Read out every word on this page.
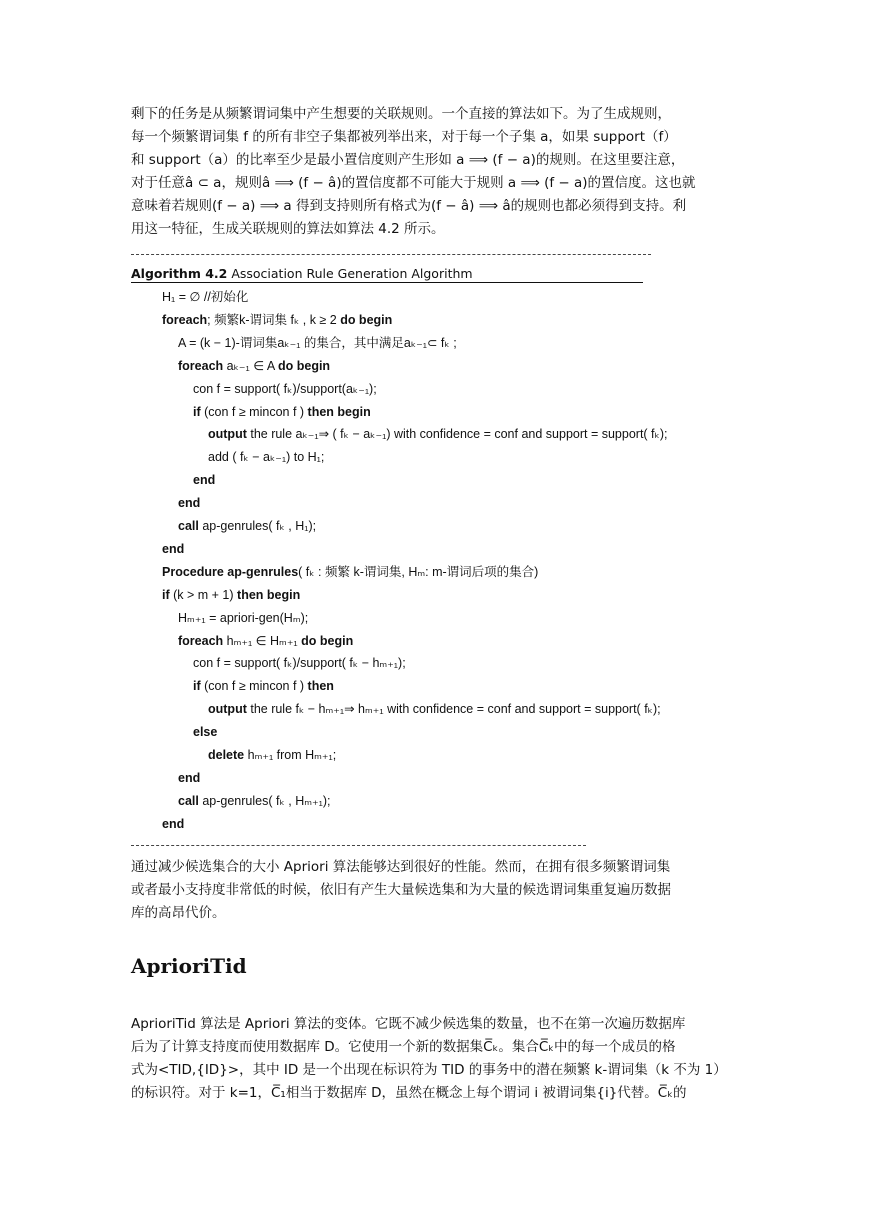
剩下的任务是从频繁谓词集中产生想要的关联规则。一个直接的算法如下。为了生成规则，
每一个频繁谓词集 f 的所有非空子集都被列举出来，对于每一个子集 a，如果 support（f）
和 support（a）的比率至少是最小置信度则产生形如 a ⟹ (f − a)的规则。在这里要注意，
对于任意â ⊂ a，规则â ⟹ (f − â)的置信度都不可能大于规则 a ⟹ (f − a)的置信度。这也就
意味着若规则(f − a) ⟹ a 得到支持则所有格式为(f − â) ⟹ â的规则也都必须得到支持。利
用这一特征，生成关联规则的算法如算法 4.2 所示。
Algorithm 4.2 Association Rule Generation Algorithm
H₁ = ∅ //初始化
foreach; 频繁k-谓词集 fₖ , k ≥ 2 do begin
A = (k − 1)-谓词集aₖ₋₁ 的集合，其中满足aₖ₋₁⊂ fₖ ;
foreach aₖ₋₁ ∈ A do begin
con f = support( fₖ)/support(aₖ₋₁);
if (con f ≥ mincon f ) then begin
output the rule aₖ₋₁⇒ ( fₖ − aₖ₋₁) with confidence = conf and support = support( fₖ);
add ( fₖ − aₖ₋₁) to H₁;
end
end
call ap-genrules( fₖ , H₁);
end
Procedure ap-genrules( fₖ : 频繁 k-谓词集, Hₘ: m-谓词后项的集合)
if (k > m + 1) then begin
Hₘ₊₁ = apriori-gen(Hₘ);
foreach hₘ₊₁ ∈ Hₘ₊₁ do begin
con f = support( fₖ)/support( fₖ − hₘ₊₁);
if (con f ≥ mincon f ) then
output the rule fₖ − hₘ₊₁⇒ hₘ₊₁ with confidence = conf and support = support( fₖ);
else
delete hₘ₊₁ from Hₘ₊₁;
end
call ap-genrules( fₖ , Hₘ₊₁);
end
通过减少候选集合的大小 Apriori 算法能够达到很好的性能。然而，在拥有很多频繁谓词集
或者最小支持度非常低的时候，依旧有产生大量候选集和为大量的候选谓词集重复遍历数据
库的高昂代价。
AprioriTid
AprioriTid 算法是 Apriori 算法的变体。它既不减少候选集的数量，也不在第一次遍历数据库
后为了计算支持度而使用数据库 D。它使用一个新的数据集C̅ₖ。集合C̅ₖ中的每一个成员的格
式为<TID,{ID}>，其中 ID 是一个出现在标识符为 TID 的事务中的潜在频繁 k-谓词集（k 不为 1）
的标识符。对于 k=1，C̅₁相当于数据库 D，虽然在概念上每个谓词 i 被谓词集{i}代替。C̅ₖ的
